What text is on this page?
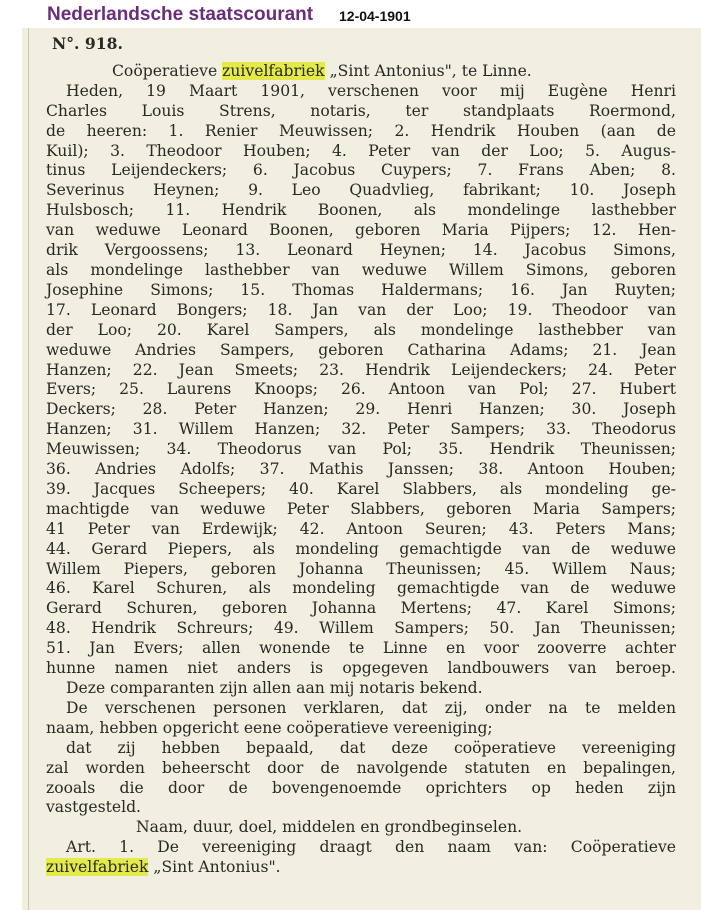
Nederlandsche staatscourant 12-04-1901
N°. 918.
Coöperatieve zuivelfabriek „Sint Antonius", te Linne.
Heden, 19 Maart 1901, verschenen voor mij Eugène Henri
Charles Louis Strens, notaris, ter standplaats Roermond,
de heeren: 1. Renier Meuwissen; 2. Hendrik Houben (aan de
Kuil); 3. Theodoor Houben; 4. Peter van der Loo; 5. Augus-
tinus Leijendeckers; 6. Jacobus Cuypers; 7. Frans Aben; 8.
Severinus Heynen; 9. Leo Quadvlieg, fabrikant; 10. Joseph
Hulsbosch; 11. Hendrik Boonen, als mondelinge lasthebber
van weduwe Leonard Boonen, geboren Maria Pijpers; 12. Hen-
drik Vergoossens; 13. Leonard Heynen; 14. Jacobus Simons,
als mondelinge lasthebber van weduwe Willem Simons, geboren
Josephine Simons; 15. Thomas Haldermans; 16. Jan Ruyten;
17. Leonard Bongers; 18. Jan van der Loo; 19. Theodoor van
der Loo; 20. Karel Sampers, als mondelinge lasthebber van
weduwe Andries Sampers, geboren Catharina Adams; 21. Jean
Hanzen; 22. Jean Smeets; 23. Hendrik Leijendeckers; 24. Peter
Evers; 25. Laurens Knoops; 26. Antoon van Pol; 27. Hubert
Deckers; 28. Peter Hanzen; 29. Henri Hanzen; 30. Joseph
Hanzen; 31. Willem Hanzen; 32. Peter Sampers; 33. Theodorus
Meuwissen; 34. Theodorus van Pol; 35. Hendrik Theunissen;
36. Andries Adolfs; 37. Mathis Janssen; 38. Antoon Houben;
39. Jacques Scheepers; 40. Karel Slabbers, als mondeling ge-
machtigde van weduwe Peter Slabbers, geboren Maria Sampers;
41 Peter van Erdewijk; 42. Antoon Seuren; 43. Peters Mans;
44. Gerard Piepers, als mondeling gemachtigde van de weduwe
Willem Piepers, geboren Johanna Theunissen; 45. Willem Naus;
46. Karel Schuren, als mondeling gemachtigde van de weduwe
Gerard Schuren, geboren Johanna Mertens; 47. Karel Simons;
48. Hendrik Schreurs; 49. Willem Sampers; 50. Jan Theunissen;
51. Jan Evers; allen wonende te Linne en voor zooverre achter
hunne namen niet anders is opgegeven landbouwers van beroep.
Deze comparanten zijn allen aan mij notaris bekend.
De verschenen personen verklaren, dat zij, onder na te melden
naam, hebben opgericht eene coöperatieve vereeniging;
dat zij hebben bepaald, dat deze coöperatieve vereeniging
zal worden beheerscht door de navolgende statuten en bepalingen,
zooals die door de bovengenoemde oprichters op heden zijn
vastgesteld.
Naam, duur, doel, middelen en grondbeginselen.
Art. 1. De vereeniging draagt den naam van: Coöperatieve
zuivelfabriek „Sint Antonius".
